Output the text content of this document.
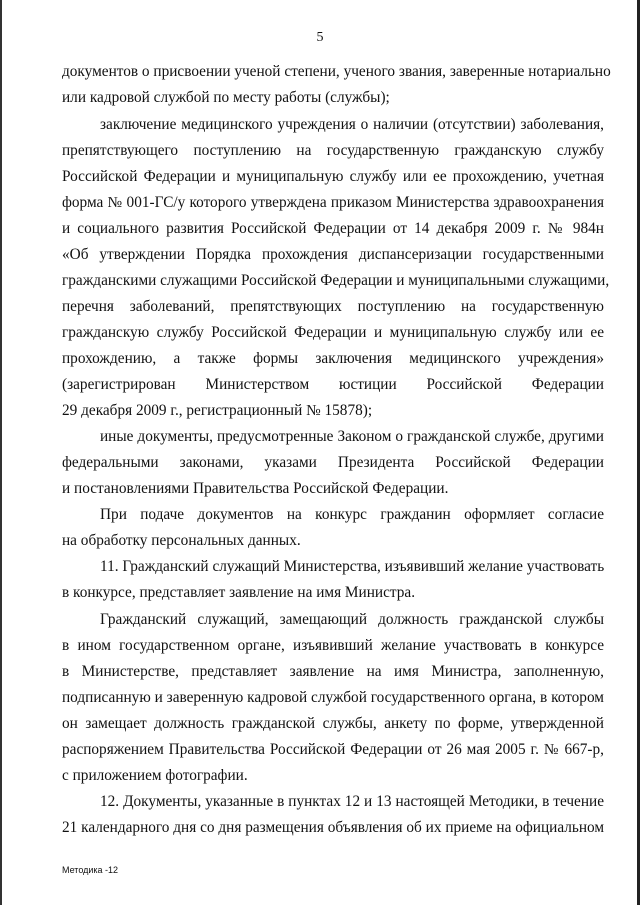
5
документов о присвоении ученой степени, ученого звания, заверенные нотариально
или кадровой службой по месту работы (службы);
заключение медицинского учреждения о наличии (отсутствии) заболевания,
препятствующего поступлению на государственную гражданскую службу
Российской Федерации и муниципальную службу или ее прохождению, учетная
форма № 001-ГС/у которого утверждена приказом Министерства здравоохранения
и социального развития Российской Федерации от 14 декабря 2009 г. № 984н
«Об утверждении Порядка прохождения диспансеризации государственными
гражданскими служащими Российской Федерации и муниципальными служащими,
перечня заболеваний, препятствующих поступлению на государственную
гражданскую службу Российской Федерации и муниципальную службу или ее
прохождению, а также формы заключения медицинского учреждения»
(зарегистрирован Министерством юстиции Российской Федерации
29 декабря 2009 г., регистрационный № 15878);
иные документы, предусмотренные Законом о гражданской службе, другими
федеральными законами, указами Президента Российской Федерации
и постановлениями Правительства Российской Федерации.
При подаче документов на конкурс гражданин оформляет согласие
на обработку персональных данных.
11. Гражданский служащий Министерства, изъявивший желание участвовать
в конкурсе, представляет заявление на имя Министра.
Гражданский служащий, замещающий должность гражданской службы
в ином государственном органе, изъявивший желание участвовать в конкурсе
в Министерстве, представляет заявление на имя Министра, заполненную,
подписанную и заверенную кадровой службой государственного органа, в котором
он замещает должность гражданской службы, анкету по форме, утвержденной
распоряжением Правительства Российской Федерации от 26 мая 2005 г. № 667-р,
с приложением фотографии.
12. Документы, указанные в пунктах 12 и 13 настоящей Методики, в течение
21 календарного дня со дня размещения объявления об их приеме на официальном
Методика -12
